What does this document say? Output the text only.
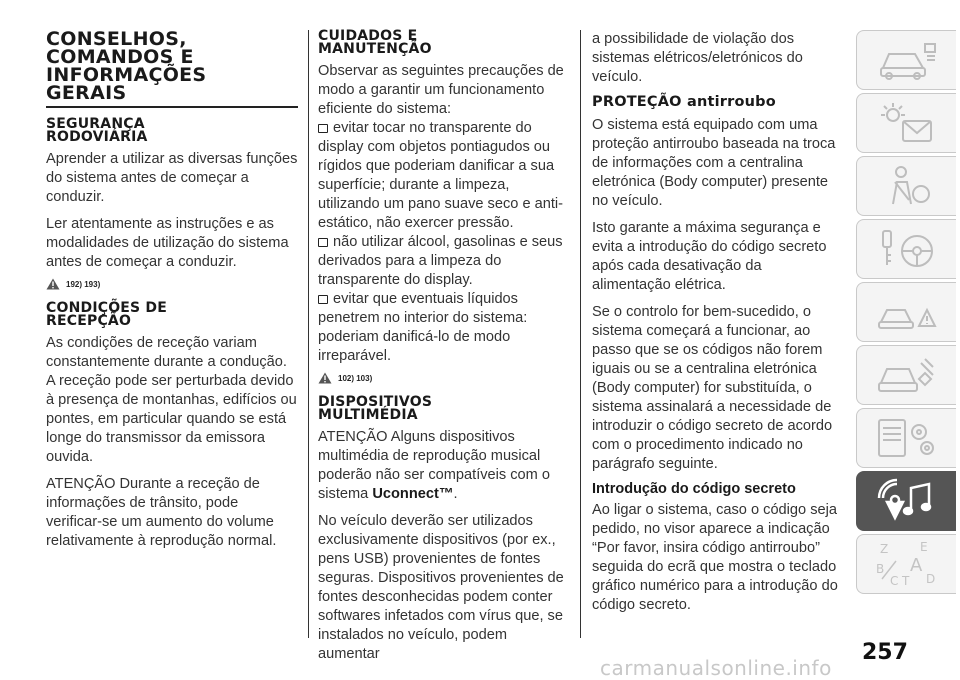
CONSELHOS,
COMANDOS E
INFORMAÇÕES
GERAIS
SEGURANÇA
RODOVIÁRIA

Aprender a utilizar as diversas funções do sistema antes de começar a conduzir.

Ler atentamente as instruções e as modalidades de utilização do sistema antes de começar a conduzir.

192) 193)
CONDIÇÕES DE
RECEPÇÃO

As condições de receção variam constantemente durante a condução. A receção pode ser perturbada devido à presença de montanhas, edifícios ou pontes, em particular quando se está longe do transmissor da emissora ouvida.

ATENÇÃO Durante a receção de informações de trânsito, pode verificar-se um aumento do volume relativamente à reprodução normal.

CUIDADOS E
MANUTENÇÃO

Observar as seguintes precauções de modo a garantir um funcionamento eficiente do sistema:

evitar tocar no transparente do display com objetos pontiagudos ou rígidos que poderiam danificar a sua superfície; durante a limpeza, utilizando um pano suave seco e anti-estático, não exercer pressão.

não utilizar álcool, gasolinas e seus derivados para a limpeza do transparente do display.

evitar que eventuais líquidos penetrem no interior do sistema: poderiam danificá-lo de modo irreparável.

102) 103)
DISPOSITIVOS
MULTIMÉDIA

ATENÇÃO Alguns dispositivos multimédia de reprodução musical poderão não ser compatíveis com o sistema Uconnect™.

No veículo deverão ser utilizados exclusivamente dispositivos (por ex., pens USB) provenientes de fontes seguras. Dispositivos provenientes de fontes desconhecidas podem conter softwares infetados com vírus que, se instalados no veículo, podem aumentar

a possibilidade de violação dos sistemas elétricos/eletrónicos do veículo.

PROTEÇÃO antirroubo

O sistema está equipado com uma proteção antirroubo baseada na troca de informações com a centralina eletrónica (Body computer) presente no veículo.

Isto garante a máxima segurança e evita a introdução do código secreto após cada desativação da alimentação elétrica.

Se o controlo for bem-sucedido, o sistema começará a funcionar, ao passo que se os códigos não forem iguais ou se a centralina eletrónica (Body computer) for substituída, o sistema assinalará a necessidade de introduzir o código secreto de acordo com o procedimento indicado no parágrafo seguinte.

Introdução do código secreto

Ao ligar o sistema, caso o código seja pedido, no visor aparece a indicação “Por favor, insira código antirroubo” seguida do ecrã que mostra o teclado gráfico numérico para a introdução do código secreto.

Z	E
B A
C T D
257
carmanualsonline.info
